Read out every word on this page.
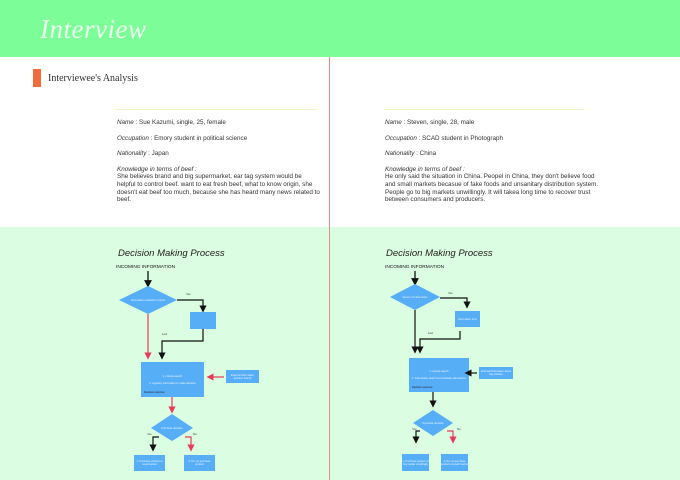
Interview
Interviewee's Analysis

Name : Sue Kazumi, single, 25, female

Occupation : Emory student in political science

Nationality : Japan

Knowledge in terms of beef :
She believes brand and big supermarket, ear tag system would be helpful to control beef. want to eat fresh beef, what to know origin, she doesn't eat beef too much, because she has heard many news related to beef.

Name : Steven, single, 28, male

Occupation : SCAD student in Photograph

Nationality : China

Knowledge in terms of beef :
He only said the situation in China. Peopel in China, they don't believe food and small markets becasue of fake foods and unsanitary distribution system. People go to big markets unwillingly. It will takea long time to recover trust between consumers and producers.
Decision Making Process
INCOMING INFORMATION
Yes
Low
Information evaluation criteria
1. criteria search
2. organize information to make decision
Decision outcome
External information (product brand)
Purchase decision
Yes	No
1. Purchase product at supermarket
2. Do not purchase product
Decision Making Process
INCOMING INFORMATION
Yes
Low
Source of information
Information from
1. criteria search
2. Information search and evaluate alternatives
Decision outcome
External information about big markets
Purchase decision
Yes	No
1. Purchase product at big market unwillingly
2. Do not purchase product at small market
